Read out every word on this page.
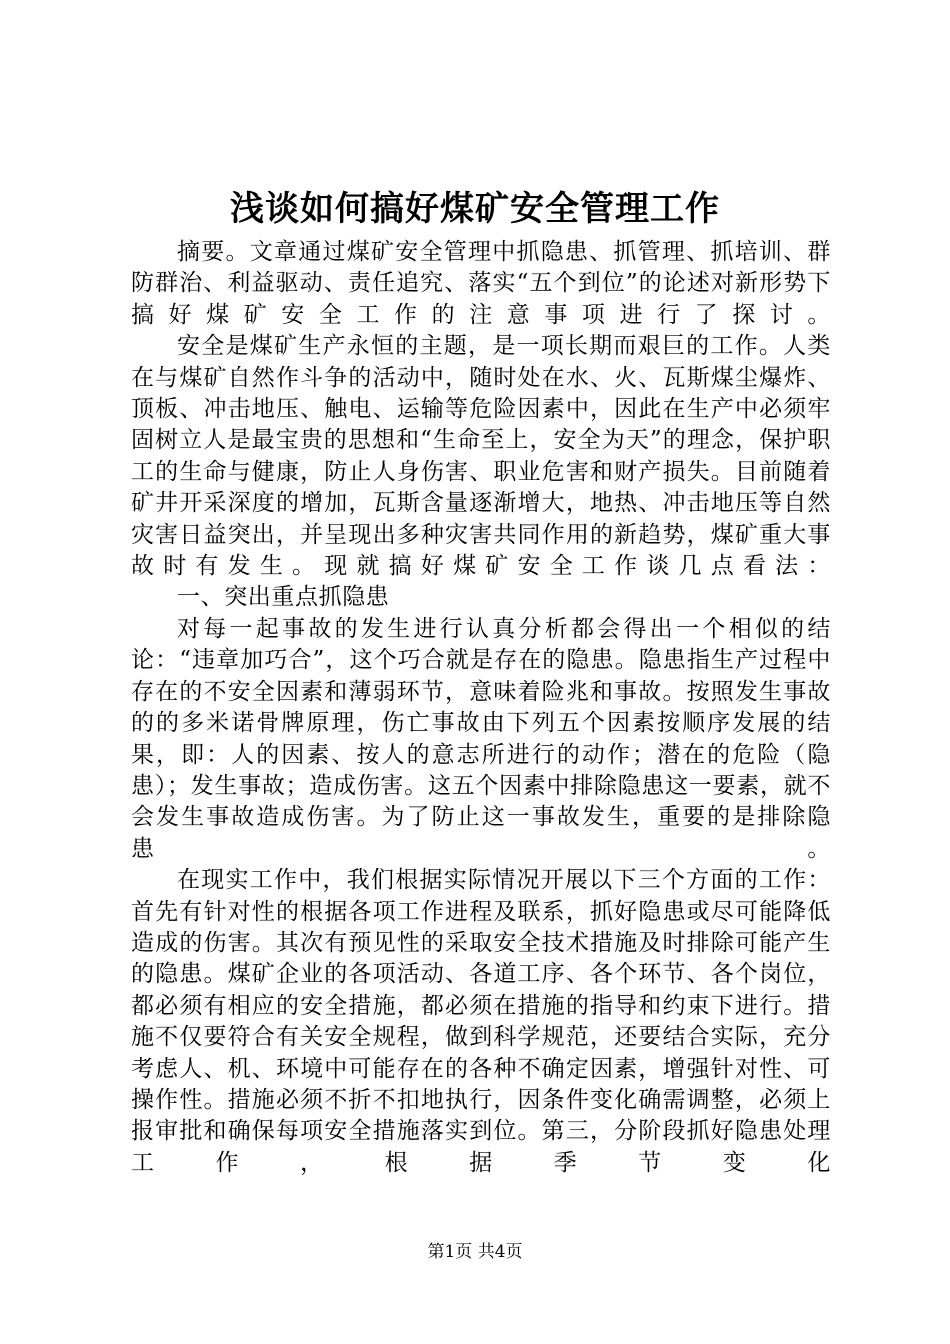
浅谈如何搞好煤矿安全管理工作

摘要。文章通过煤矿安全管理中抓隐患、抓管理、抓培训、群防群治、利益驱动、责任追究、落实“五个到位”的论述对新形势下搞好煤矿安全工作的注意事项进行了探讨。

安全是煤矿生产永恒的主题，是一项长期而艰巨的工作。人类在与煤矿自然作斗争的活动中，随时处在水、火、瓦斯煤尘爆炸、顶板、冲击地压、触电、运输等危险因素中，因此在生产中必须牢固树立人是最宝贵的思想和“生命至上，安全为天”的理念，保护职工的生命与健康，防止人身伤害、职业危害和财产损失。目前随着矿井开采深度的增加，瓦斯含量逐渐增大，地热、冲击地压等自然灾害日益突出，并呈现出多种灾害共同作用的新趋势，煤矿重大事故时有发生。现就搞好煤矿安全工作谈几点看法：

一、突出重点抓隐患

对每一起事故的发生进行认真分析都会得出一个相似的结论：“违章加巧合”，这个巧合就是存在的隐患。隐患指生产过程中存在的不安全因素和薄弱环节，意味着险兆和事故。按照发生事故的的多米诺骨牌原理，伤亡事故由下列五个因素按顺序发展的结果，即：人的因素、按人的意志所进行的动作；潜在的危险（隐患）；发生事故；造成伤害。这五个因素中排除隐患这一要素，就不会发生事故造成伤害。为了防止这一事故发生，重要的是排除隐患。

在现实工作中，我们根据实际情况开展以下三个方面的工作：首先有针对性的根据各项工作进程及联系，抓好隐患或尽可能降低造成的伤害。其次有预见性的采取安全技术措施及时排除可能产生的隐患。煤矿企业的各项活动、各道工序、各个环节、各个岗位，都必须有相应的安全措施，都必须在措施的指导和约束下进行。措施不仅要符合有关安全规程，做到科学规范，还要结合实际，充分考虑人、机、环境中可能存在的各种不确定因素，增强针对性、可操作性。措施必须不折不扣地执行，因条件变化确需调整，必须上报审批和确保每项安全措施落实到位。第三，分阶段抓好隐患处理工作，根据季节变化

第1页 共4页
